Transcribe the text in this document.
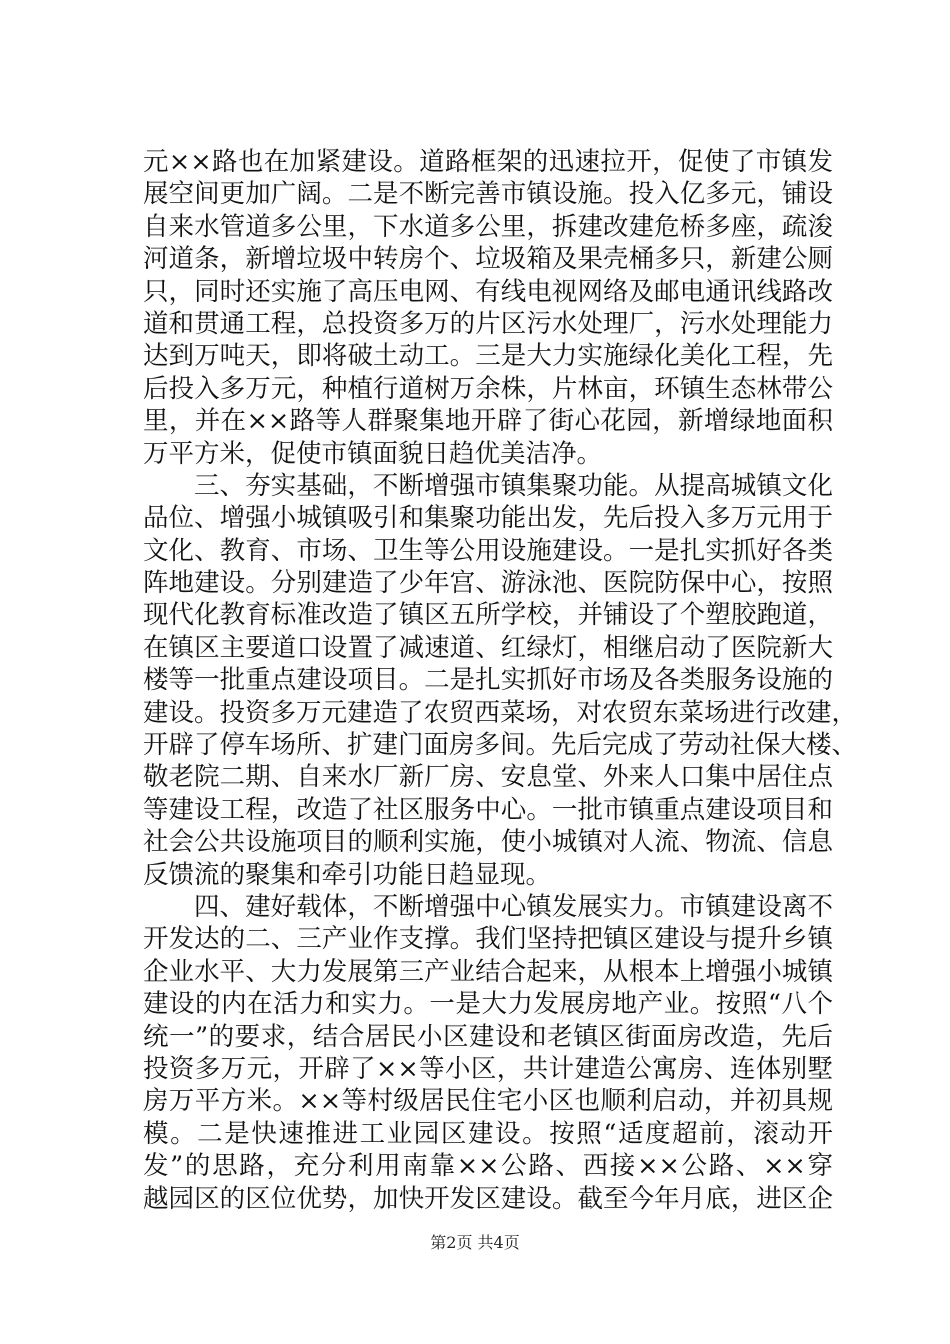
元××路也在加紧建设。道路框架的迅速拉开，促使了市镇发
展空间更加广阔。二是不断完善市镇设施。投入亿多元，铺设
自来水管道多公里，下水道多公里，拆建改建危桥多座，疏浚
河道条，新增垃圾中转房个、垃圾箱及果壳桶多只，新建公厕
只，同时还实施了高压电网、有线电视网络及邮电通讯线路改
道和贯通工程，总投资多万的片区污水处理厂，污水处理能力
达到万吨天，即将破土动工。三是大力实施绿化美化工程，先
后投入多万元，种植行道树万余株，片林亩，环镇生态林带公
里，并在××路等人群聚集地开辟了街心花园，新增绿地面积
万平方米，促使市镇面貌日趋优美洁净。
三、夯实基础，不断增强市镇集聚功能。从提高城镇文化
品位、增强小城镇吸引和集聚功能出发，先后投入多万元用于
文化、教育、市场、卫生等公用设施建设。一是扎实抓好各类
阵地建设。分别建造了少年宫、游泳池、医院防保中心，按照
现代化教育标准改造了镇区五所学校，并铺设了个塑胶跑道，
在镇区主要道口设置了减速道、红绿灯，相继启动了医院新大
楼等一批重点建设项目。二是扎实抓好市场及各类服务设施的
建设。投资多万元建造了农贸西菜场，对农贸东菜场进行改建，
开辟了停车场所、扩建门面房多间。先后完成了劳动社保大楼、
敬老院二期、自来水厂新厂房、安息堂、外来人口集中居住点
等建设工程，改造了社区服务中心。一批市镇重点建设项目和
社会公共设施项目的顺利实施，使小城镇对人流、物流、信息
反馈流的聚集和牵引功能日趋显现。
四、建好载体，不断增强中心镇发展实力。市镇建设离不
开发达的二、三产业作支撑。我们坚持把镇区建设与提升乡镇
企业水平、大力发展第三产业结合起来，从根本上增强小城镇
建设的内在活力和实力。一是大力发展房地产业。按照“八个
统一”的要求，结合居民小区建设和老镇区街面房改造，先后
投资多万元，开辟了××等小区，共计建造公寓房、连体别墅
房万平方米。××等村级居民住宅小区也顺利启动，并初具规
模。二是快速推进工业园区建设。按照“适度超前，滚动开
发”的思路，充分利用南靠××公路、西接××公路、××穿
越园区的区位优势，加快开发区建设。截至今年月底，进区企
第2页 共4页
